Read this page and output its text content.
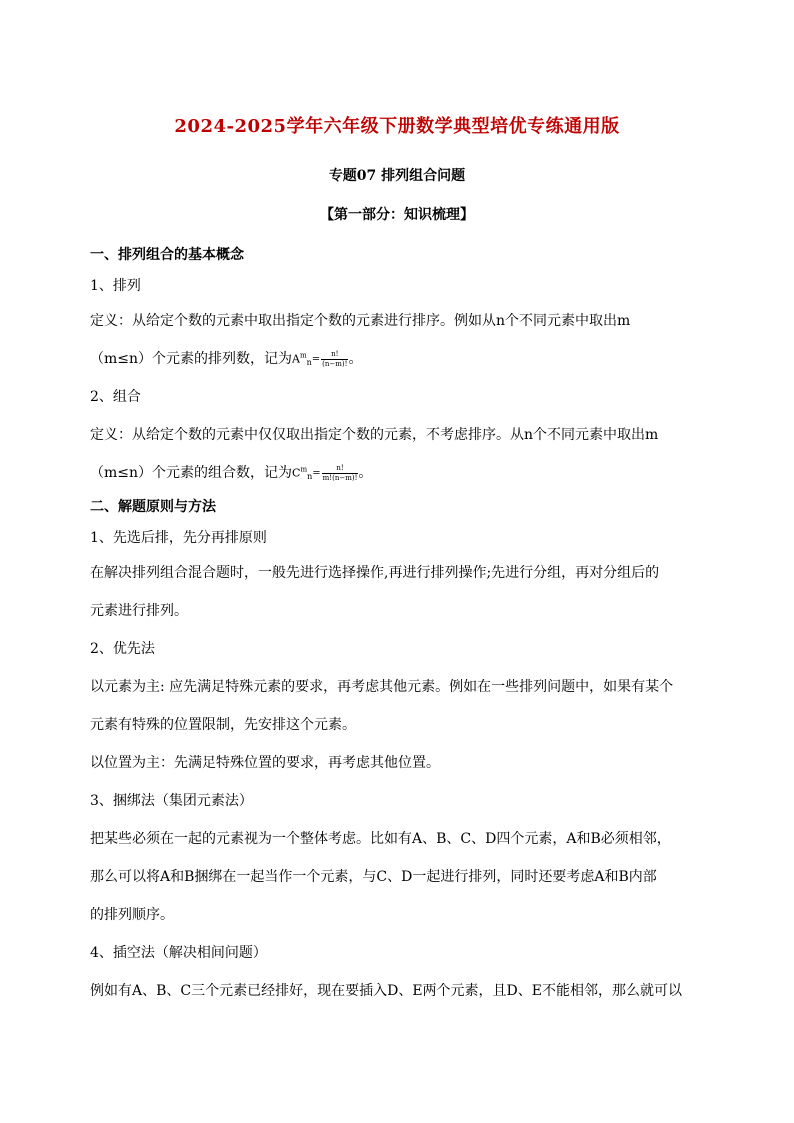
2024-2025学年六年级下册数学典型培优专练通用版
专题07 排列组合问题
【第一部分：知识梳理】
一、排列组合的基本概念
1、排列
定义：从给定个数的元素中取出指定个数的元素进行排序。例如从n个不同元素中取出m
（m≤n）个元素的排列数，记为$A^m_n= \frac{n!}{(n-m)!}$ 。
2、组合
定义：从给定个数的元素中仅仅取出指定个数的元素，不考虑排序。从n个不同元素中取出m
（m≤n）个元素的组合数，记为$C^m_n= \frac{n!}{m!(n-m)!}$ 。
二、解题原则与方法
1、先选后排，先分再排原则
在解决排列组合混合题时，一般先进行选择操作,再进行排列操作;先进行分组，再对分组后的
元素进行排列。
2、优先法
以元素为主: 应先满足特殊元素的要求，再考虑其他元素。例如在一些排列问题中，如果有某个
元素有特殊的位置限制，先安排这个元素。
以位置为主：先满足特殊位置的要求，再考虑其他位置。
3、捆绑法（集团元素法）
把某些必须在一起的元素视为一个整体考虑。比如有A、B、C、D四个元素，A和B必须相邻，
那么可以将A和B捆绑在一起当作一个元素，与C、D一起进行排列，同时还要考虑A和B内部
的排列顺序。
4、插空法（解决相间问题）
例如有A、B、C三个元素已经排好，现在要插入D、E两个元素，且D、E不能相邻，那么就可以
